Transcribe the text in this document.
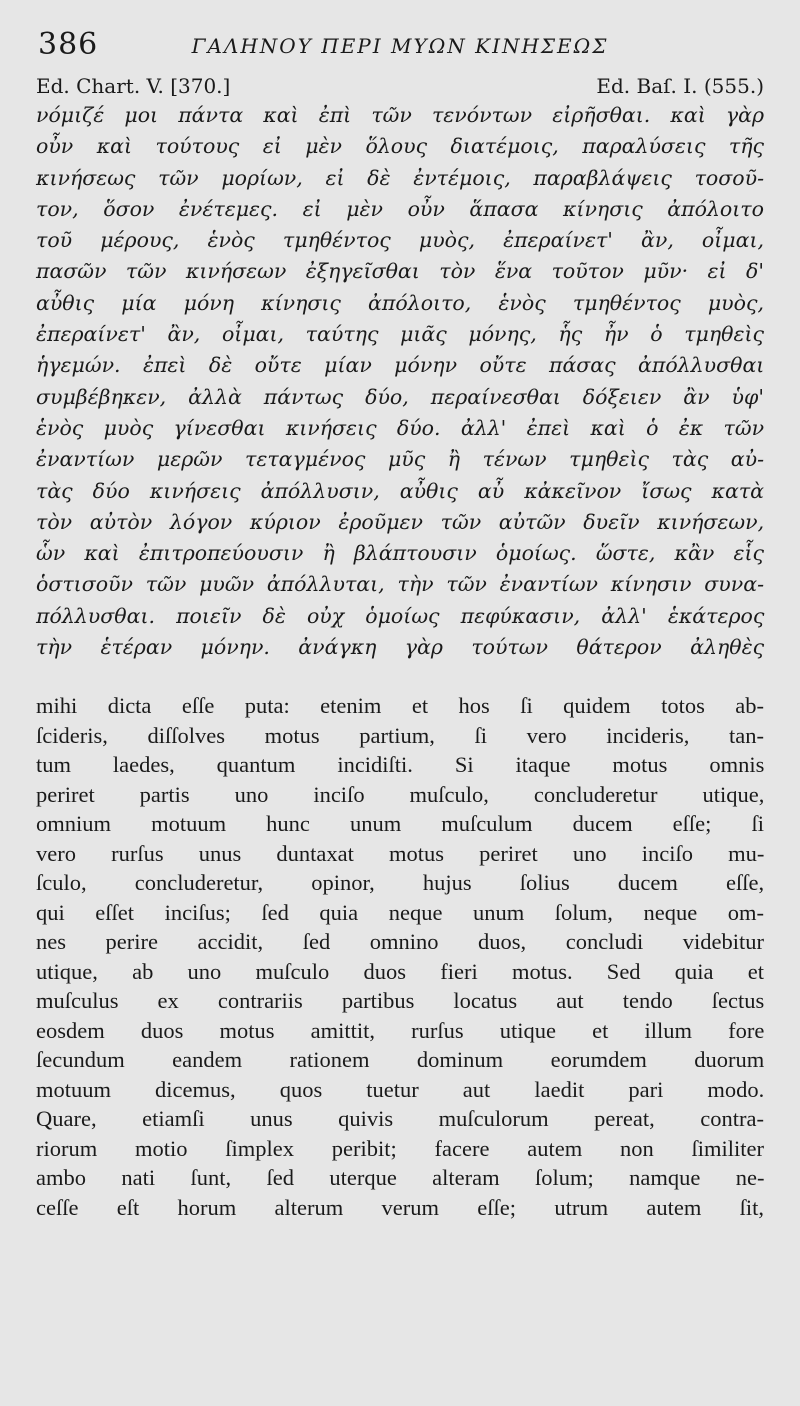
386	ΓΑΛΗΝΟΥ ΠΕΡΙ ΜΥΩΝ ΚΙΝΗΣΕΩΣ
Ed. Chart. V. [370.]	Ed. Baſ. I. (555.)
νόμιζέ μοι πάντα καὶ ἐπὶ τῶν τενόντων εἰρῆσθαι. καὶ γὰρ
οὖν καὶ τούτους εἰ μὲν ὅλους διατέμοις, παραλύσεις τῆς
κινήσεως τῶν μορίων, εἰ δὲ ἐντέμοις, παραβλάψεις τοσοῦ-
τον, ὅσον ἐνέτεμες. εἰ μὲν οὖν ἅπασα κίνησις ἀπόλοιτο
τοῦ μέρους, ἑνὸς τμηθέντος μυὸς, ἐπεραίνετ' ἂν, οἶμαι,
πασῶν τῶν κινήσεων ἐξηγεῖσθαι τὸν ἕνα τοῦτον μῦν· εἰ δ'
αὖθις μία μόνη κίνησις ἀπόλοιτο, ἑνὸς τμηθέντος μυὸς,
ἐπεραίνετ' ἂν, οἶμαι, ταύτης μιᾶς μόνης, ἧς ἦν ὁ τμηθεὶς
ἡγεμών. ἐπεὶ δὲ οὔτε μίαν μόνην οὔτε πάσας ἀπόλλυσθαι
συμβέβηκεν, ἀλλὰ πάντως δύο, περαίνεσθαι δόξειεν ἂν ὑφ'
ἑνὸς μυὸς γίνεσθαι κινήσεις δύο. ἀλλ' ἐπεὶ καὶ ὁ ἐκ τῶν
ἐναντίων μερῶν τεταγμένος μῦς ἢ τένων τμηθεὶς τὰς αὐ-
τὰς δύο κινήσεις ἀπόλλυσιν, αὖθις αὖ κἀκεῖνον ἴσως κατὰ
τὸν αὐτὸν λόγον κύριον ἐροῦμεν τῶν αὐτῶν δυεῖν κινήσεων,
ὧν καὶ ἐπιτροπεύουσιν ἢ βλάπτουσιν ὁμοίως. ὥστε, κἂν εἷς
ὁστισοῦν τῶν μυῶν ἀπόλλυται, τὴν τῶν ἐναντίων κίνησιν συνα-
πόλλυσθαι. ποιεῖν δὲ οὐχ ὁμοίως πεφύκασιν, ἀλλ' ἑκάτερος
τὴν ἑτέραν μόνην. ἀνάγκη γὰρ τούτων θάτερον ἀληθὲς
mihi dicta eſſe puta: etenim et hos ſi quidem totos ab-
ſcideris, diſſolves motus partium, ſi vero incideris, tan-
tum laedes, quantum incidiſti. Si itaque motus omnis
periret partis uno inciſo muſculo, concluderetur utique,
omnium motuum hunc unum muſculum ducem eſſe; ſi
vero rurſus unus duntaxat motus periret uno inciſo mu-
ſculo, concluderetur, opinor, hujus ſolius ducem eſſe,
qui eſſet inciſus; ſed quia neque unum ſolum, neque om-
nes perire accidit, ſed omnino duos, concludi videbitur
utique, ab uno muſculo duos fieri motus. Sed quia et
muſculus ex contrariis partibus locatus aut tendo ſectus
eosdem duos motus amittit, rurſus utique et illum fore
ſecundum eandem rationem dominum eorumdem duorum
motuum dicemus, quos tuetur aut laedit pari modo.
Quare, etiamſi unus quivis muſculorum pereat, contra-
riorum motio ſimplex peribit; facere autem non ſimiliter
ambo nati ſunt, ſed uterque alteram ſolum; namque ne-
ceſſe eſt horum alterum verum eſſe; utrum autem ſit,
